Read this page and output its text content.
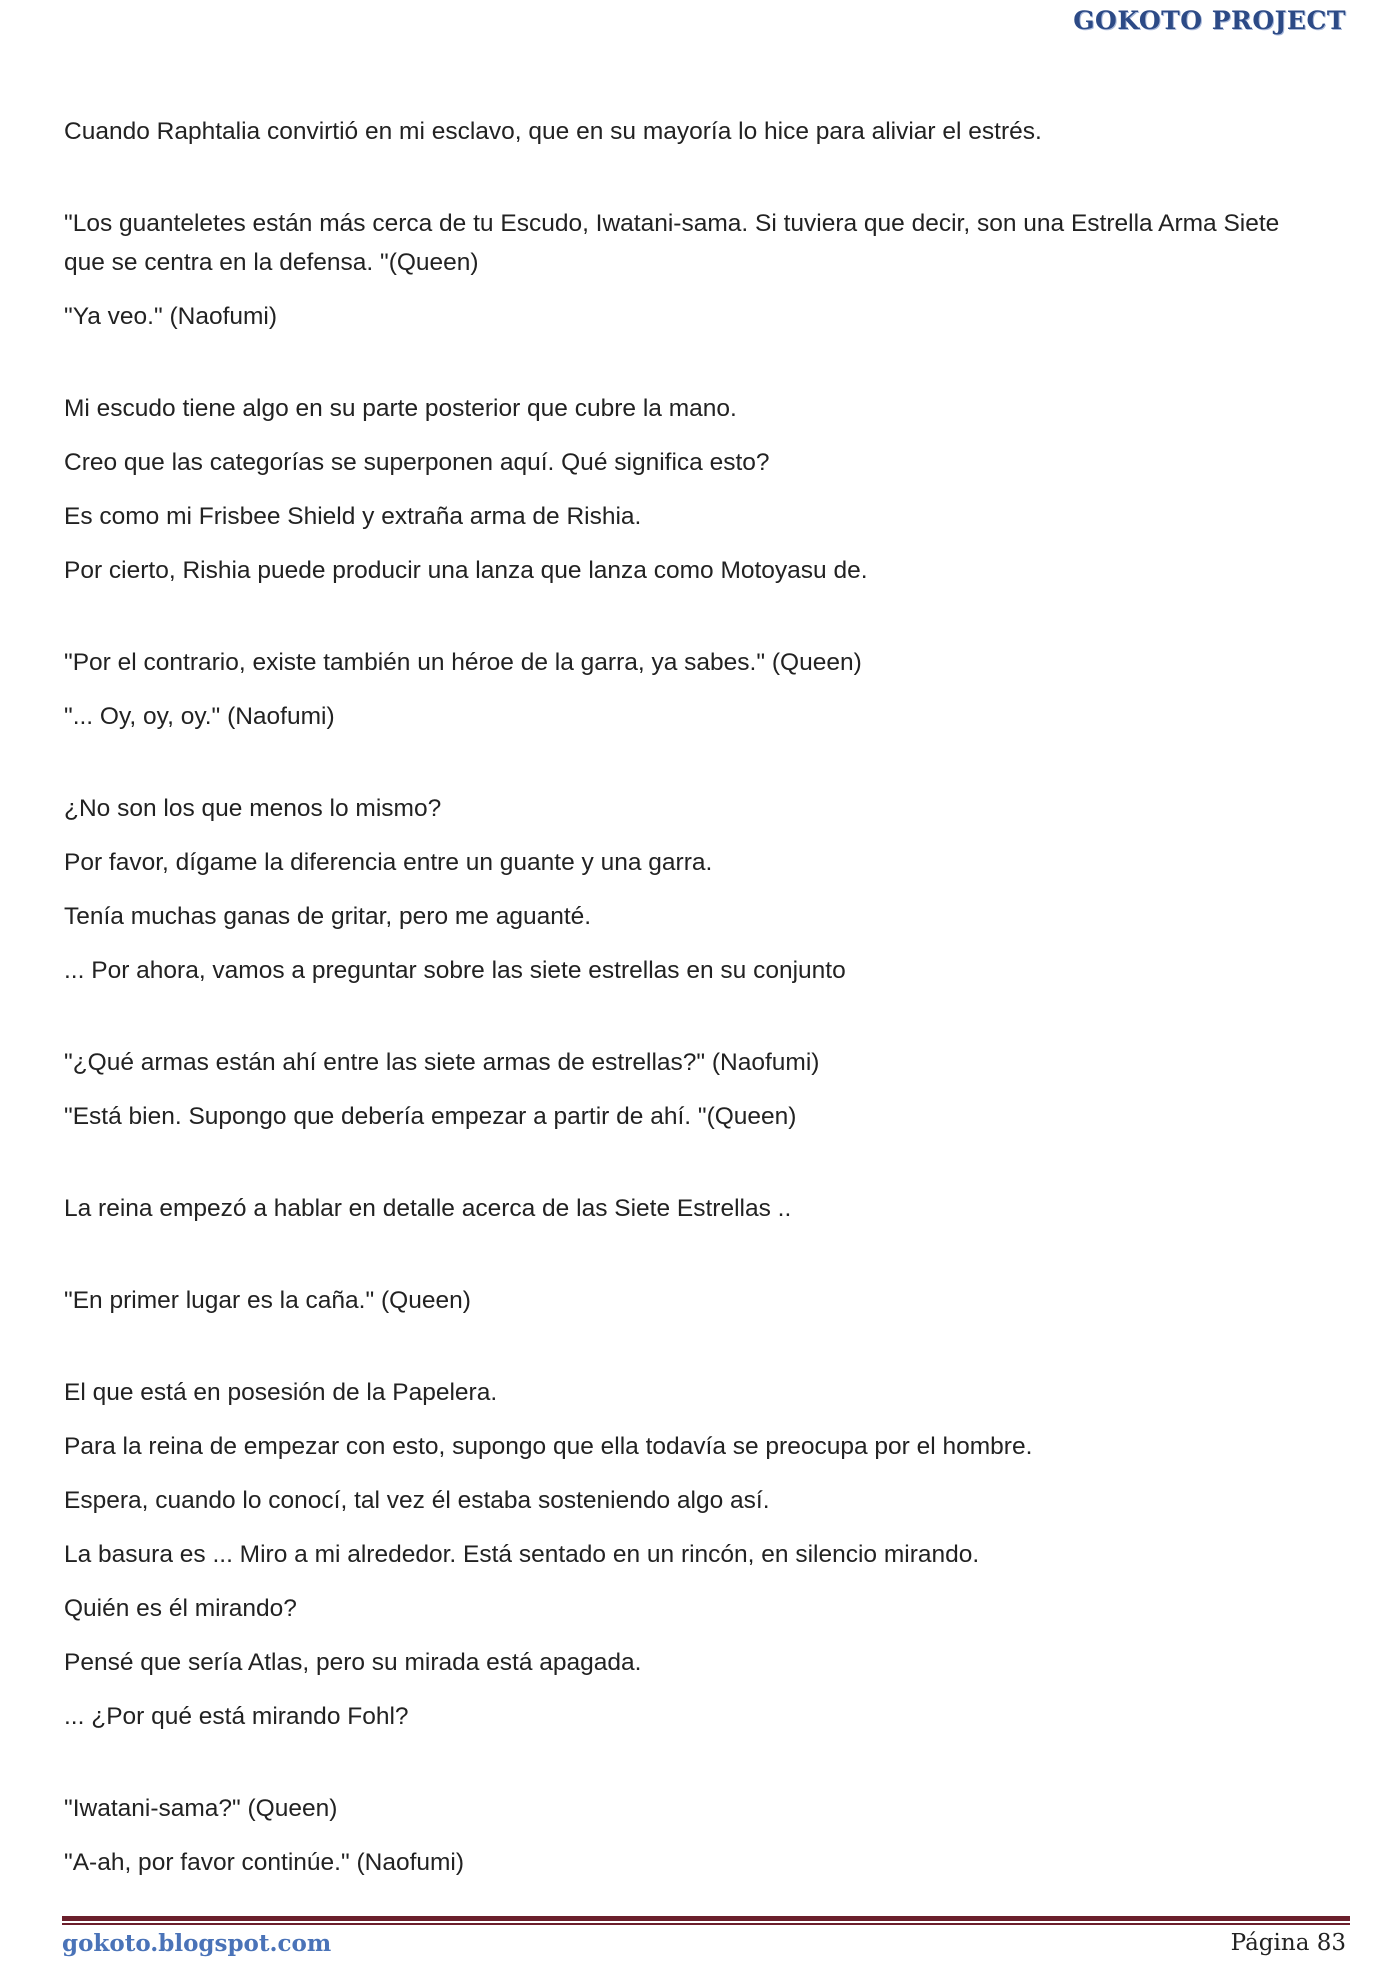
GOKOTO PROJECT

Cuando Raphtalia convirtió en mi esclavo, que en su mayoría lo hice para aliviar el estrés.

"Los guanteletes están más cerca de tu Escudo, Iwatani-sama. Si tuviera que decir, son una Estrella Arma Siete que se centra en la defensa. "(Queen)

"Ya veo." (Naofumi)

Mi escudo tiene algo en su parte posterior que cubre la mano.

Creo que las categorías se superponen aquí. Qué significa esto?

Es como mi Frisbee Shield y extraña arma de Rishia.

Por cierto, Rishia puede producir una lanza que lanza como Motoyasu de.

"Por el contrario, existe también un héroe de la garra, ya sabes." (Queen)

"... Oy, oy, oy." (Naofumi)

¿No son los que menos lo mismo?

Por favor, dígame la diferencia entre un guante y una garra.

Tenía muchas ganas de gritar, pero me aguanté.

... Por ahora, vamos a preguntar sobre las siete estrellas en su conjunto

"¿Qué armas están ahí entre las siete armas de estrellas?" (Naofumi)

"Está bien. Supongo que debería empezar a partir de ahí. "(Queen)

La reina empezó a hablar en detalle acerca de las Siete Estrellas ..

"En primer lugar es la caña." (Queen)

El que está en posesión de la Papelera.

Para la reina de empezar con esto, supongo que ella todavía se preocupa por el hombre.

Espera, cuando lo conocí, tal vez él estaba sosteniendo algo así.

La basura es ... Miro a mi alrededor. Está sentado en un rincón, en silencio mirando.

Quién es él mirando?

Pensé que sería Atlas, pero su mirada está apagada.

... ¿Por qué está mirando Fohl?

"Iwatani-sama?" (Queen)

"A-ah, por favor continúe." (Naofumi)

gokoto.blogspot.com	Página 83
